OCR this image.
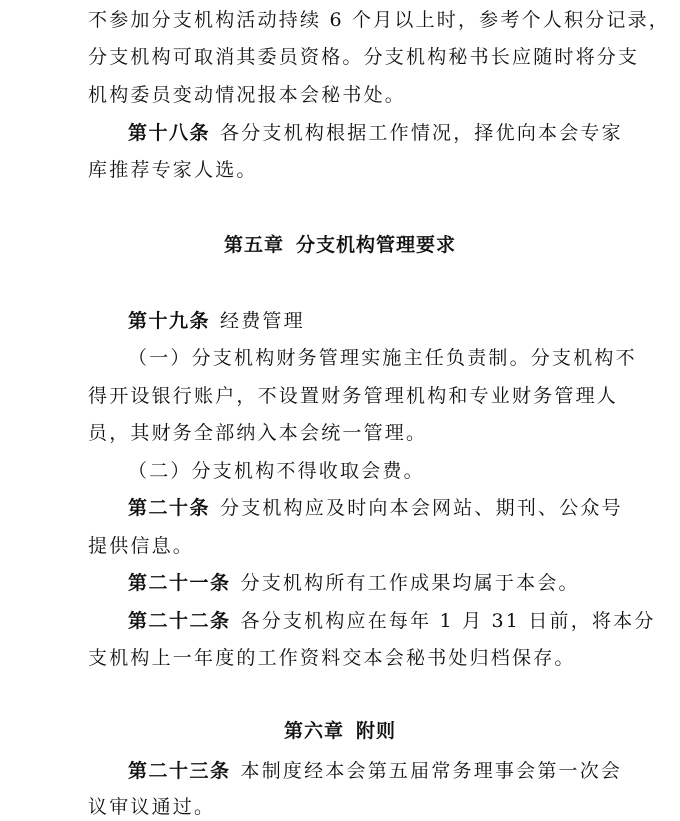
不参加分支机构活动持续 6 个月以上时，参考个人积分记录，
分支机构可取消其委员资格。分支机构秘书长应随时将分支
机构委员变动情况报本会秘书处。
第十八条 各分支机构根据工作情况，择优向本会专家
库推荐专家人选。
第五章 分支机构管理要求
第十九条 经费管理
（一）分支机构财务管理实施主任负责制。分支机构不
得开设银行账户，不设置财务管理机构和专业财务管理人
员，其财务全部纳入本会统一管理。
（二）分支机构不得收取会费。
第二十条 分支机构应及时向本会网站、期刊、公众号
提供信息。
第二十一条 分支机构所有工作成果均属于本会。
第二十二条 各分支机构应在每年 1 月 31 日前，将本分
支机构上一年度的工作资料交本会秘书处归档保存。
第六章 附则
第二十三条 本制度经本会第五届常务理事会第一次会
议审议通过。
